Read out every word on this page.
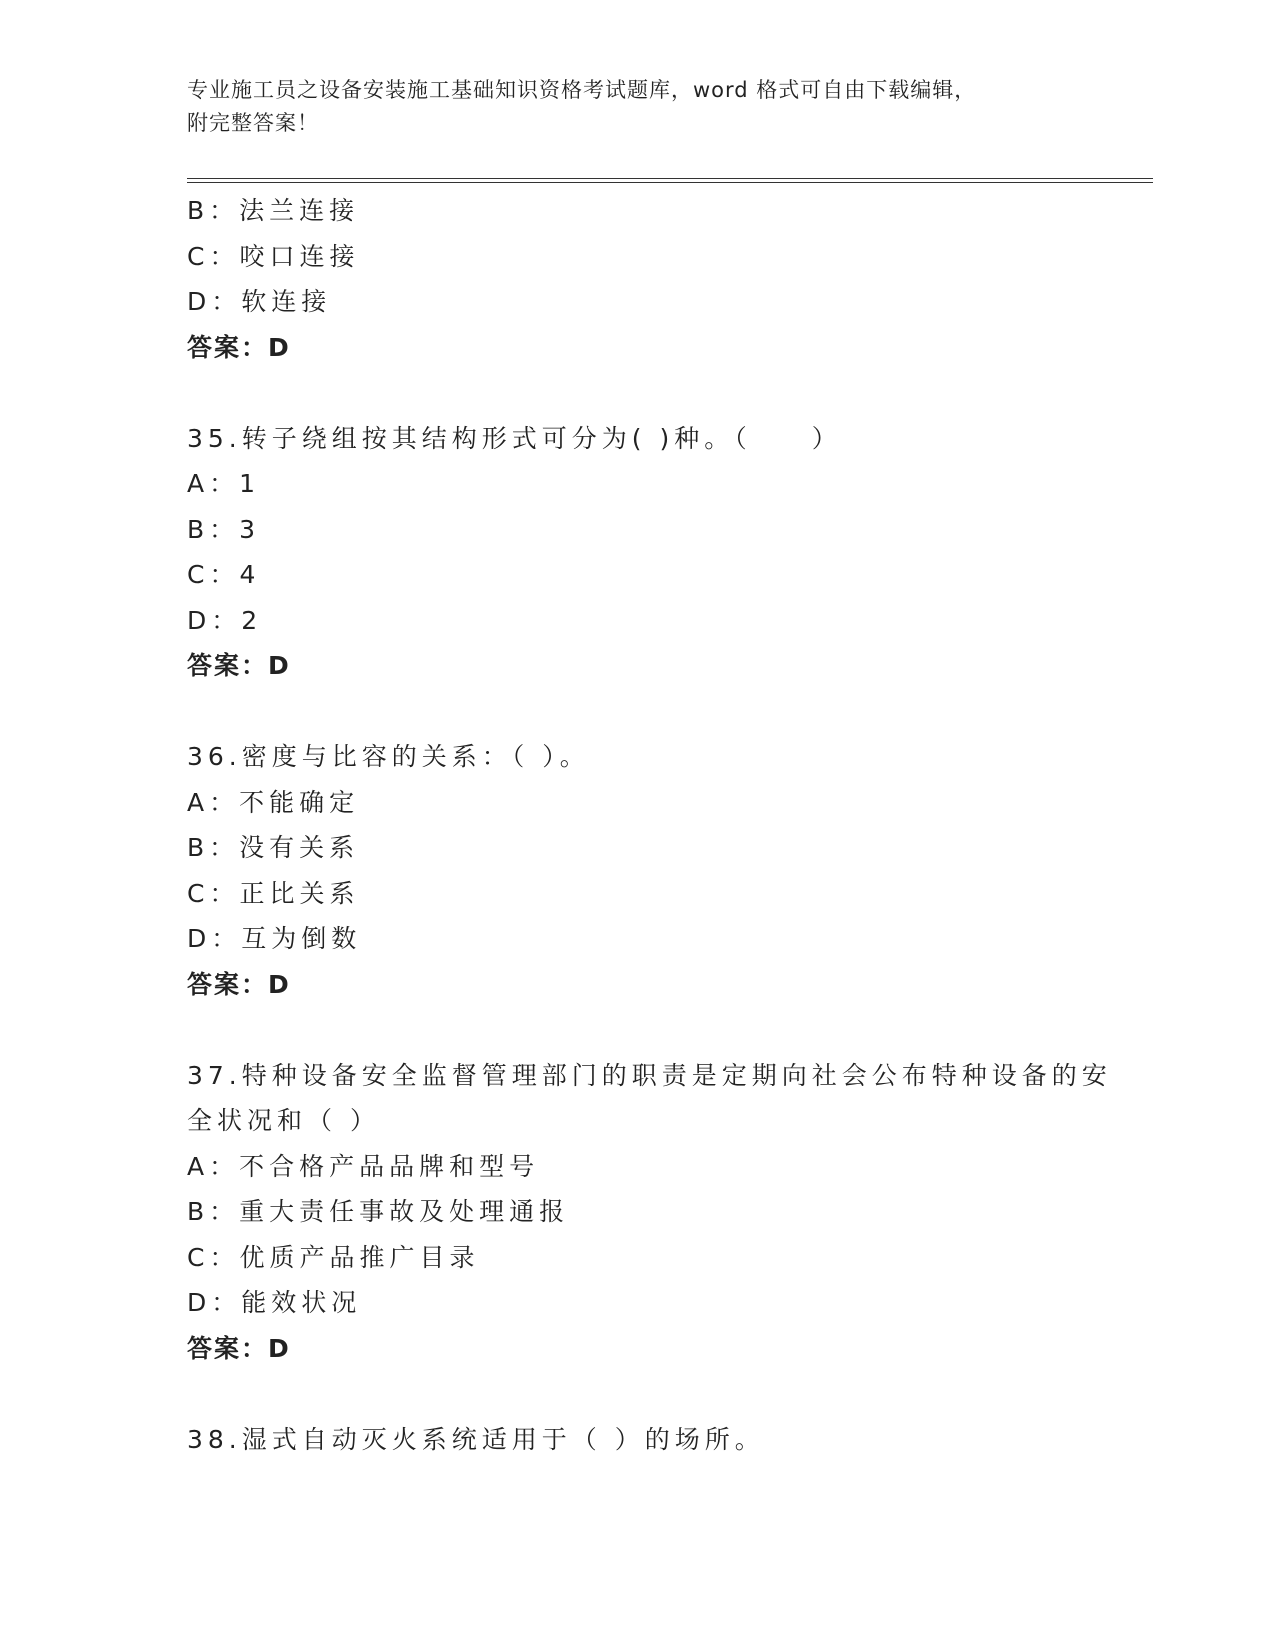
专业施工员之设备安装施工基础知识资格考试题库，word 格式可自由下载编辑，
附完整答案！
B：法兰连接
C：咬口连接
D：软连接
答案：D
35.转子绕组按其结构形式可分为( )种。（　　）
A：1
B：3
C：4
D：2
答案：D
36.密度与比容的关系：（ ）。
A：不能确定
B：没有关系
C：正比关系
D：互为倒数
答案：D
37.特种设备安全监督管理部门的职责是定期向社会公布特种设备的安
全状况和（ ）
A：不合格产品品牌和型号
B：重大责任事故及处理通报
C：优质产品推广目录
D：能效状况
答案：D
38.湿式自动灭火系统适用于（ ）的场所。
